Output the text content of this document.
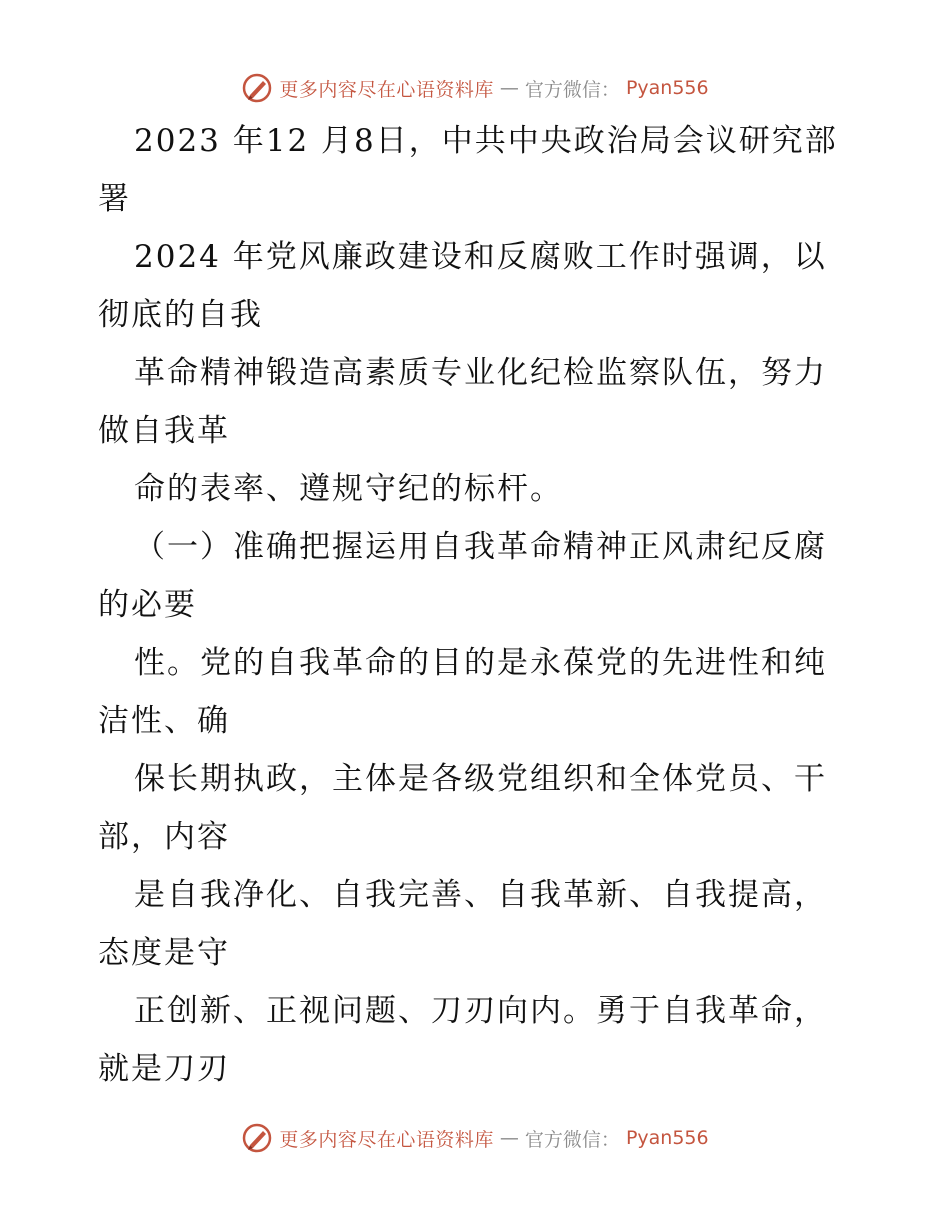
更多内容尽在心语资料库 — 官方微信： Pyan556
2023 年12 月8日，中共中央政治局会议研究部
署
2024 年党风廉政建设和反腐败工作时强调，以
彻底的自我
革命精神锻造高素质专业化纪检监察队伍，努力
做自我革
命的表率、遵规守纪的标杆。
（一）准确把握运用自我革命精神正风肃纪反腐
的必要
性。党的自我革命的目的是永葆党的先进性和纯
洁性、确
保长期执政，主体是各级党组织和全体党员、干
部，内容
是自我净化、自我完善、自我革新、自我提高，
态度是守
正创新、正视问题、刀刃向内。勇于自我革命，
就是刀刃
更多内容尽在心语资料库 — 官方微信： Pyan556
